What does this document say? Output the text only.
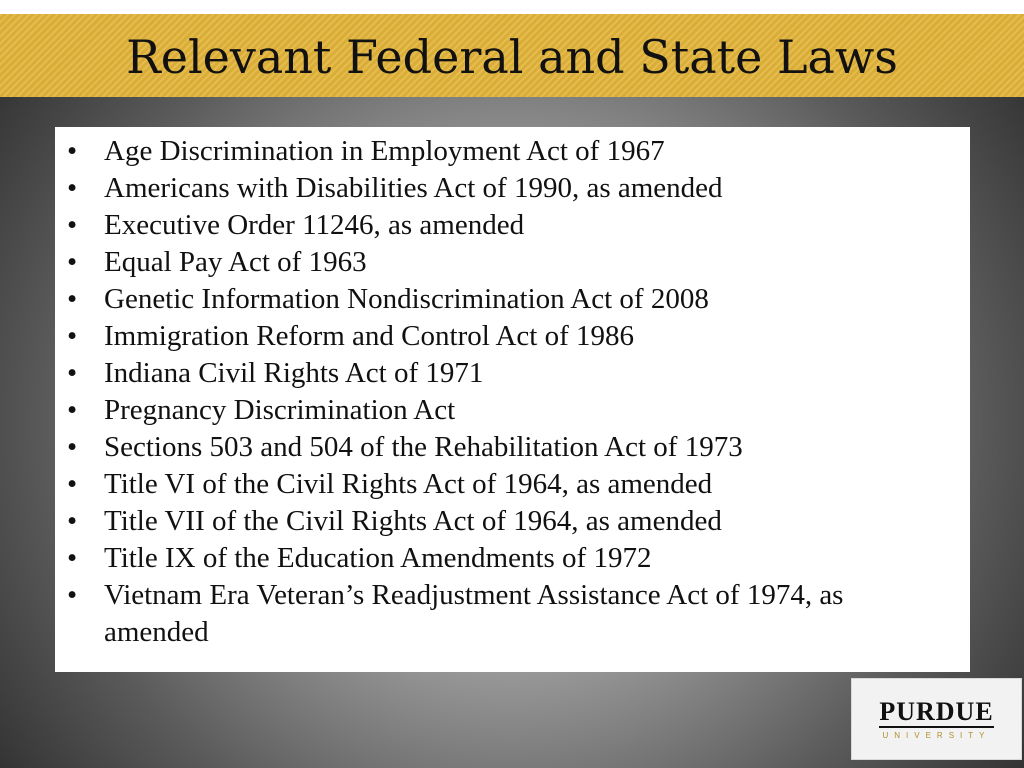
Relevant Federal and State Laws
• Age Discrimination in Employment Act of 1967
• Americans with Disabilities Act of 1990, as amended
• Executive Order 11246, as amended
• Equal Pay Act of 1963
• Genetic Information Nondiscrimination Act of 2008
• Immigration Reform and Control Act of 1986
• Indiana Civil Rights Act of 1971
• Pregnancy Discrimination Act
• Sections 503 and 504 of the Rehabilitation Act of 1973
• Title VI of the Civil Rights Act of 1964, as amended
• Title VII of the Civil Rights Act of 1964, as amended
• Title IX of the Education Amendments of 1972
• Vietnam Era Veteran’s Readjustment Assistance Act of 1974, as amended
PURDUE
UNIVERSITY
